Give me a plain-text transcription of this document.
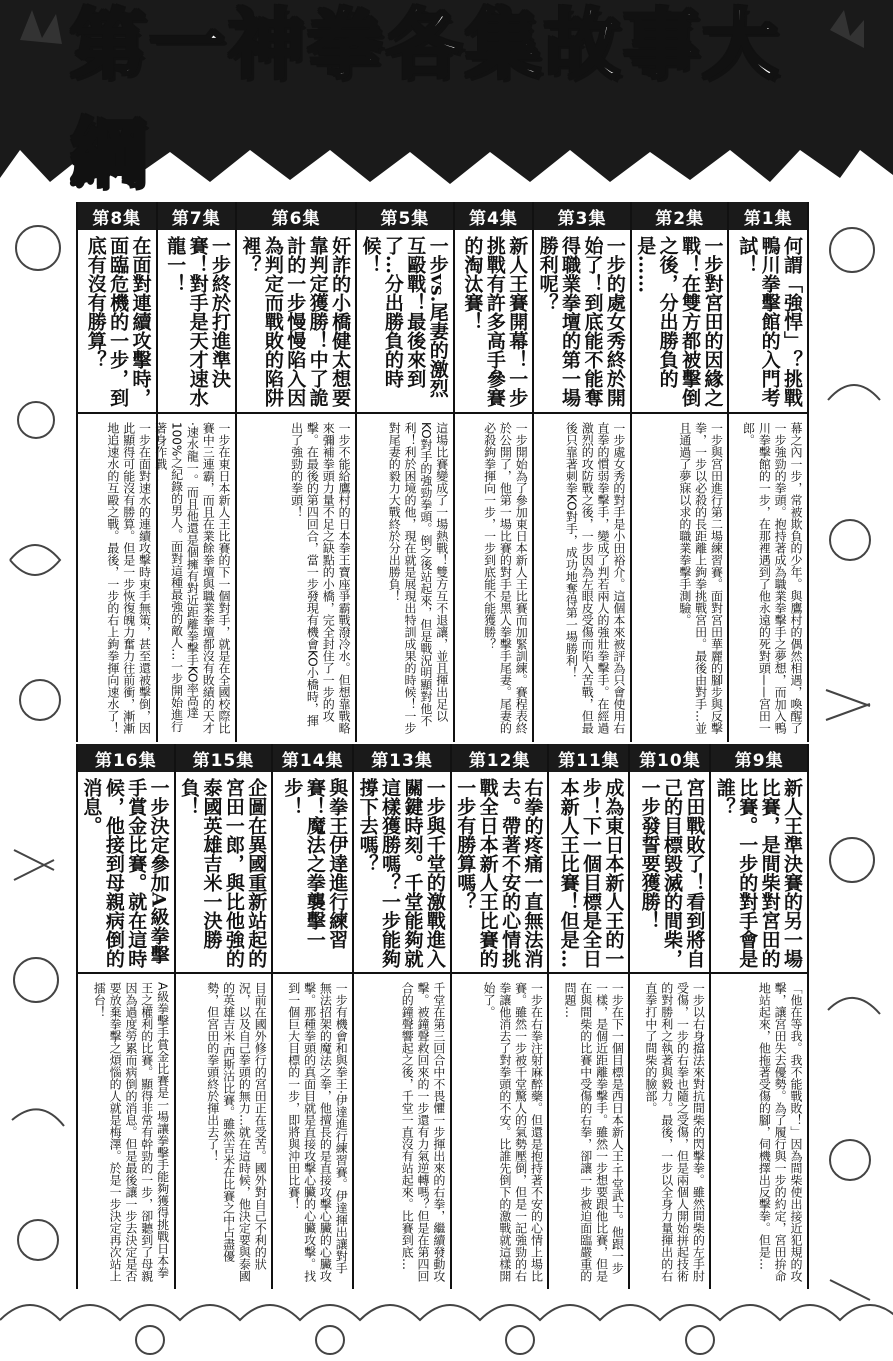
第一神拳各集故事大綱
第1集
何謂「強悍」？挑戰鴨川拳擊館的入門考試！
幕之內一步，常被欺負的少年。與鷹村的偶然相遇，喚醒了一步強勁的拳頭。抱持著成為職業拳擊手之夢想，而加入鴨川拳擊館的一步，在那裡遇到了他永遠的死對頭——宮田一郎。
第2集
一步對宮田的因緣之戰！在雙方都被擊倒之後，分出勝負的是……
一步與宮田進行第二場練習賽。面對宮田華麗的腳步與反擊拳，一步以必殺的長距離上鉤拳挑戰宮田。最後由對手…並且通過了夢寐以求的職業拳擊手測驗。
第3集
一步的處女秀終於開始了！到底能不能奪得職業拳壇的第一場勝利呢？
一步處女秀的對手是小田裕介。這個本來被評為只會使用右直拳的慣弱拳擊手，變成了判若兩人的強壯拳擊手。在經過激烈的攻防戰之後，一步因為左眼皮受傷而陷入苦戰，但最後只靠著刺拳KO對手，成功地奪得第一場勝利！
第4集
新人王賽開幕！一步挑戰有許多高手參賽的淘汰賽！
一步開始為了參加東日本新人王比賽而加緊訓練。賽程表終於公開了，他第一場比賽的對手是黑人拳擊手尾妻。尾妻的必殺鉤拳揮向一步，一步到底能不能獲勝？
第5集
一步vs.尾妻的激烈互毆戰！最後來到了…分出勝負的時候！
這場比賽變成了一場熱戰！雙方互不退讓，並且揮出足以KO對手的強勁拳頭。倒之後站起來，但是戰況明顯對他不利！利於困境的他，現在就是展現出特訓成果的時候！一步對尾妻的毅力大戰終於分出勝負！
第6集
奸詐的小橋健太想要靠判定獲勝！中了詭計的一步慢慢陷入因為判定而戰敗的陷阱裡？
一步不能給鷹村的日本拳王寶座爭霸戰潑冷水。但想靠戰略來彌補拳頭力量不足之缺點的小橋，完全封住了一步的攻擊。在最後的第四回合，當一步發現有機會KO小橋時，揮出了強勁的拳頭！
第7集
一步終於打進準決賽！對手是天才速水龍一！
一步在東日本新人王比賽的下一個對手，就是在全國校際比賽中三連霸，而且在業餘拳壇與職業拳壇都沒有敗績的天才·速水龍一。而且他還是個擁有對近距離拳擊手KO率高達100%之紀錄的男人。面對這種最強的敵人…一步開始進行著身作戰…
第8集
在面對連續攻擊時，面臨危機的一步，到底有沒有勝算？
一步在面對速水的連續攻擊時束手無策，甚至還被擊倒，因此顯得可能沒有勝算。但是一步恢復魄力奮力往前衝，漸漸地追速水的互毆之戰。最後，一步的右上鉤拳揮向速水了！
第9集
新人王準決賽的另一場比賽，是間柴對宮田的比賽。一步的對手會是誰？
「他在等我。我不能戰敗！」因為間柴使出接近犯規的攻擊，讓宮田失去優勢。為了履行與一步的約定，宮田拚命地站起來，他拖著受傷的腳，伺機擇出反擊拳。但是…
第10集
宮田戰敗了！看到將自己的目標毀滅的間柴，一步發誓要獲勝！
一步以右身擋法來對抗間柴的閃擊拳。雖然間柴的左手肘受傷，一步的右拳也隨之受傷，但是兩個人開始拼起技術的對勝利之執著與毅力。最後，一步以全身力量揮出的右直拳打中了間柴的臉部。
第11集
成為東日本新人王的一步！下一個目標是全日本新人王比賽！但是…
一步在下一個目標是西日本新人王·千堂武士。他跟一步一樣，是個近距離拳擊手。雖然一步想要跟他比賽，但是在與間柴的比賽中受傷的右拳，卻讓一步被迫面臨嚴重的問題…
第12集
右拳的疼痛一直無法消去。帶著不安的心情挑戰全日本新人王比賽的一步有勝算嗎？
一步在右拳注射麻醉藥。但還是抱持著不安的心情上場比賽。雖然一步被千堂驚人的氣勢壓倒，但是一記強勁的右拳讓他消去了對拳頭的不安。比誰先倒下的激戰就這樣開始了。
第13集
一步與千堂的激戰進入關鍵時刻。千堂能夠就這樣獲勝嗎？一步能夠撐下去嗎？
千堂在第三回合中不畏懼一步揮出來的右拳，繼續發動攻擊。被鐘聲救回來的一步還有力氣逆轉嗎？但是在第四回合的鐘聲響起之後，千堂一直沒有站起來。比賽到底…
第14集
與拳王伊達進行練習賽！魔法之拳襲擊一步！
一步有機會和與拳王·伊達進行練習賽。伊達揮出讓對手無法招架的魔法之拳，他擅長的是直接攻擊心臟的心臟攻擊。那種拳頭的真面目就是直接攻擊心臟的心臟攻擊。找到一個巨大目標的一步，即將與沖田比賽！
第15集
企圖在異國重新站起的宮田一郎，與比他強的泰國英雄吉米一決勝負！
目前在國外修行的宮田正在受苦。國外對自己不利的狀況，以及自己拳頭的無力…就在這時候，他決定要與泰國的英雄吉米·西斯沽比賽。雖然吉米在比賽之中占盡優勢，但宮田的拳頭終於揮出去了！
第16集
一步決定參加A級拳擊手賞金比賽。就在這時候，他接到母親病倒的消息。
A級拳擊手賞金比賽是一場讓拳擊手能夠獲得挑戰日本拳王之權利的比賽。顯得非常有幹勁的一步，卻聽到了母親因為過度勞累而病倒的消息。但是最後讓一步去決定是否要放棄拳擊之煩惱的人就是梅澤。於是一步決定再次站上擂台！
